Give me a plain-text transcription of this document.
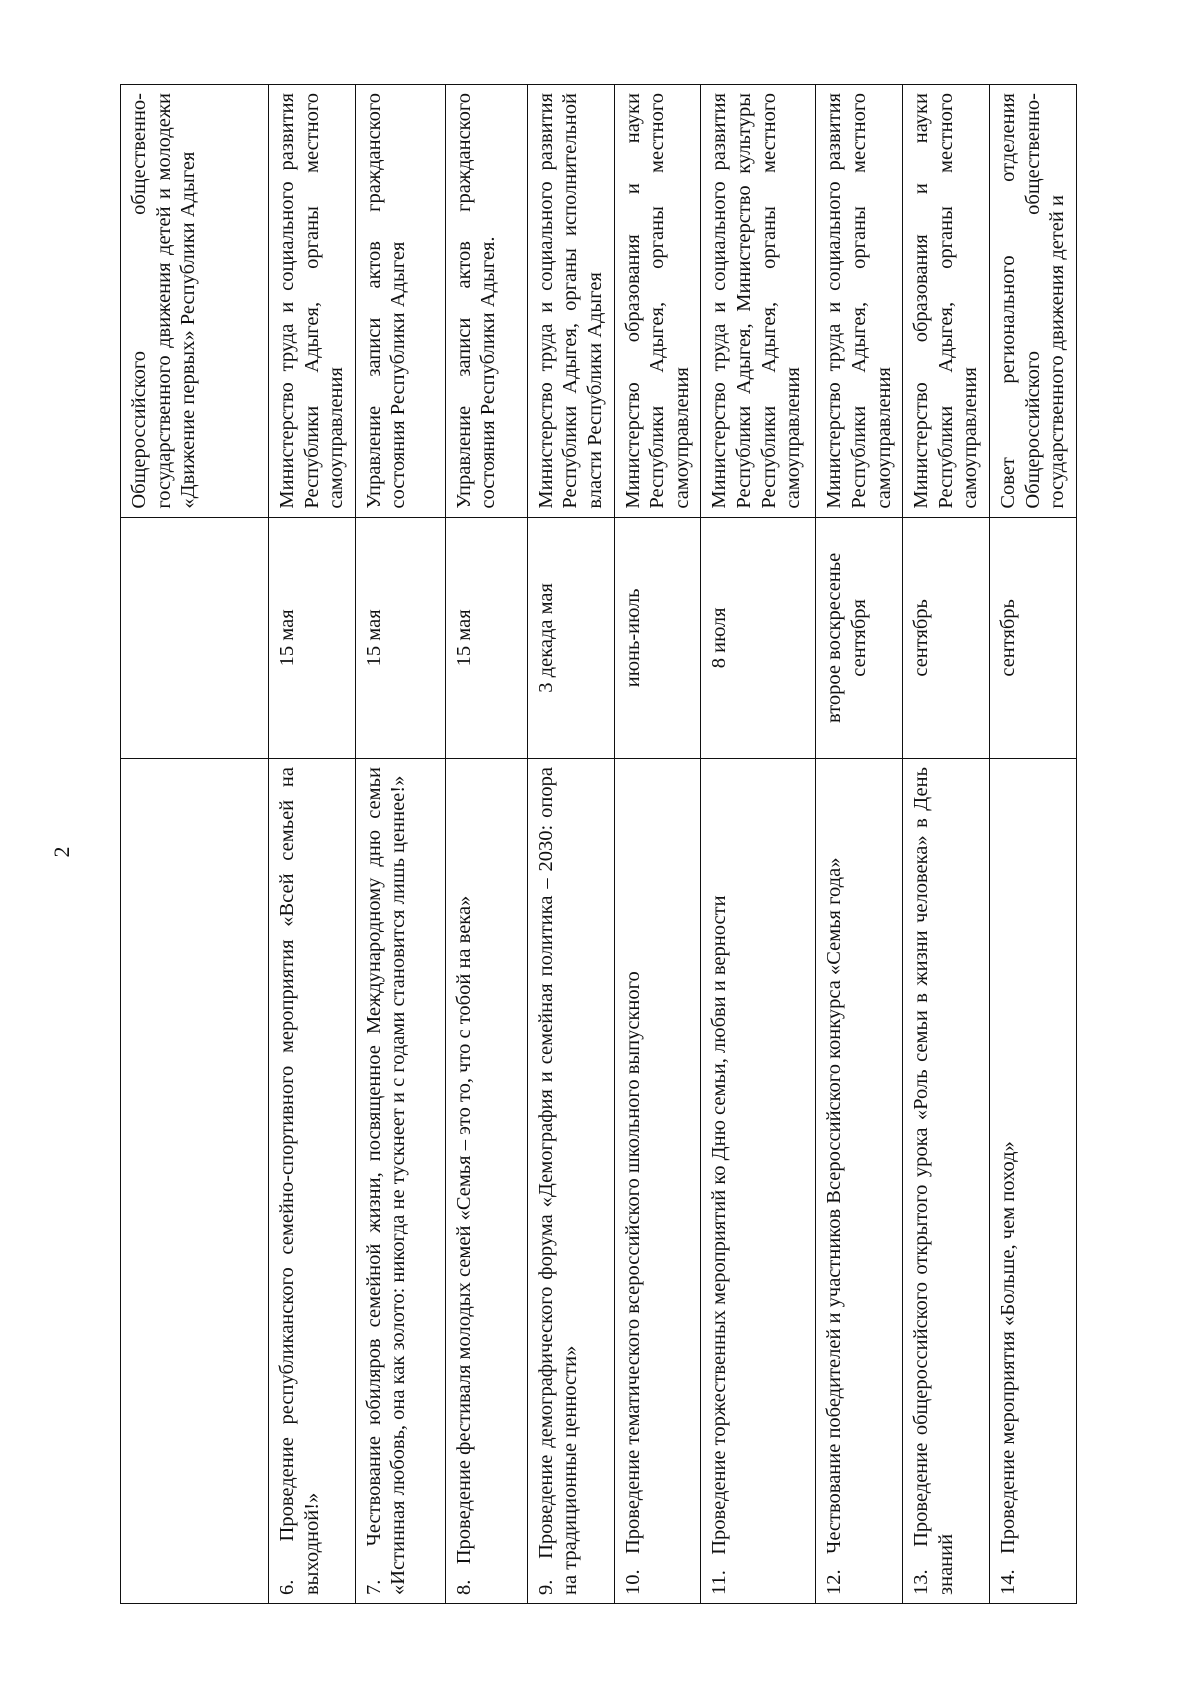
2
		Общероссийского общественно-государственного движения детей и молодежи «Движение первых» Республики Адыгея
6.   Проведение республиканского семейно-спортивного мероприятия «Всей семьей на выходной!»	15 мая	Министерство труда и социального развития Республики Адыгея, органы местного самоуправления
7.   Чествование юбиляров семейной жизни, посвященное Международному дню семьи «Истинная любовь, она как золото: никогда не тускнеет и с годами становится лишь ценнее!»	15 мая	Управление записи актов гражданского состояния Республики Адыгея
8.   Проведение фестиваля молодых семей «Семья – это то, что с тобой на века»	15 мая	Управление записи актов гражданского состояния Республики Адыгея.
9.   Проведение демографического форума «Демография и семейная политика – 2030: опора на традиционные ценности»	3 декада мая	Министерство труда и социального развития Республики Адыгея, органы исполнительной власти Республики Адыгея
10.   Проведение тематического всероссийского школьного выпускного	июнь-июль	Министерство образования и науки Республики Адыгея, органы местного самоуправления
11.   Проведение торжественных мероприятий ко Дню семьи, любви и верности	8 июля	Министерство труда и социального развития Республики Адыгея, Министерство культуры Республики Адыгея, органы местного самоуправления
12.   Чествование победителей и участников Всероссийского конкурса «Семья года»	второе воскресенье сентября	Министерство труда и социального развития Республики Адыгея, органы местного самоуправления
13.   Проведение общероссийского открытого урока «Роль семьи в жизни человека» в День знаний	сентябрь	Министерство образования и науки Республики Адыгея, органы местного самоуправления
14.   Проведение мероприятия «Больше, чем поход»	сентябрь	Совет регионального отделения Общероссийского общественно-государственного движения детей и
